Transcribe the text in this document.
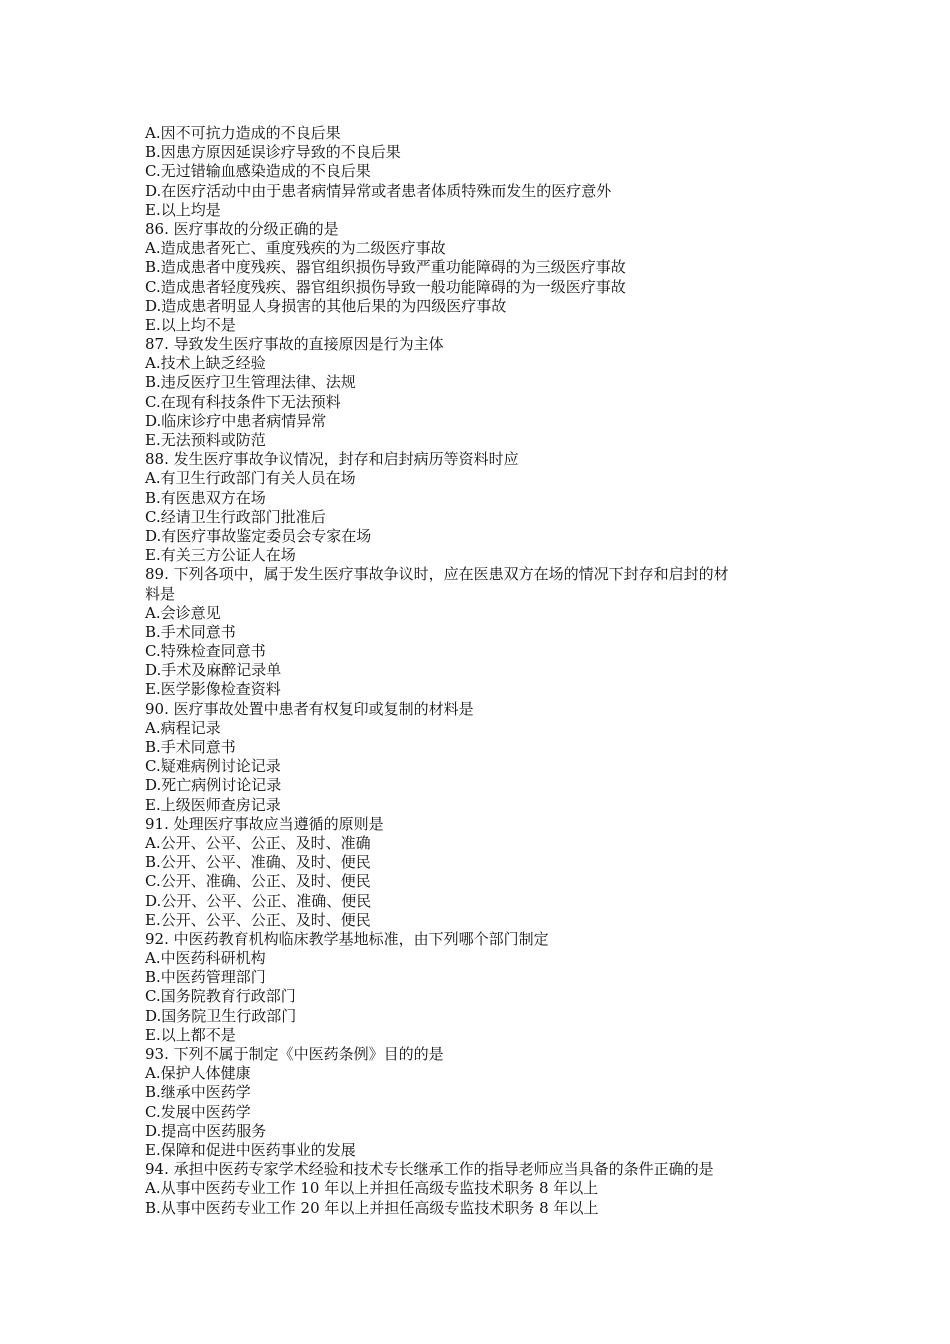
A.因不可抗力造成的不良后果
B.因患方原因延误诊疗导致的不良后果
C.无过错输血感染造成的不良后果
D.在医疗活动中由于患者病情异常或者患者体质特殊而发生的医疗意外
E.以上均是
86. 医疗事故的分级正确的是
A.造成患者死亡、重度残疾的为二级医疗事故
B.造成患者中度残疾、器官组织损伤导致严重功能障碍的为三级医疗事故
C.造成患者轻度残疾、器官组织损伤导致一般功能障碍的为一级医疗事故
D.造成患者明显人身损害的其他后果的为四级医疗事故
E.以上均不是
87. 导致发生医疗事故的直接原因是行为主体
A.技术上缺乏经验
B.违反医疗卫生管理法律、法规
C.在现有科技条件下无法预料
D.临床诊疗中患者病情异常
E.无法预料或防范
88. 发生医疗事故争议情况，封存和启封病历等资料时应
A.有卫生行政部门有关人员在场
B.有医患双方在场
C.经请卫生行政部门批准后
D.有医疗事故鉴定委员会专家在场
E.有关三方公证人在场
89. 下列各项中，属于发生医疗事故争议时，应在医患双方在场的情况下封存和启封的材
料是
A.会诊意见
B.手术同意书
C.特殊检查同意书
D.手术及麻醉记录单
E.医学影像检查资料
90. 医疗事故处置中患者有权复印或复制的材料是
A.病程记录
B.手术同意书
C.疑难病例讨论记录
D.死亡病例讨论记录
E.上级医师查房记录
91. 处理医疗事故应当遵循的原则是
A.公开、公平、公正、及时、准确
B.公开、公平、准确、及时、便民
C.公开、准确、公正、及时、便民
D.公开、公平、公正、准确、便民
E.公开、公平、公正、及时、便民
92. 中医药教育机构临床教学基地标准，由下列哪个部门制定
A.中医药科研机构
B.中医药管理部门
C.国务院教育行政部门
D.国务院卫生行政部门
E.以上都不是
93. 下列不属于制定《中医药条例》目的的是
A.保护人体健康
B.继承中医药学
C.发展中医药学
D.提高中医药服务
E.保障和促进中医药事业的发展
94. 承担中医药专家学术经验和技术专长继承工作的指导老师应当具备的条件正确的是
A.从事中医药专业工作 10 年以上并担任高级专监技术职务 8 年以上
B.从事中医药专业工作 20 年以上并担任高级专监技术职务 8 年以上
